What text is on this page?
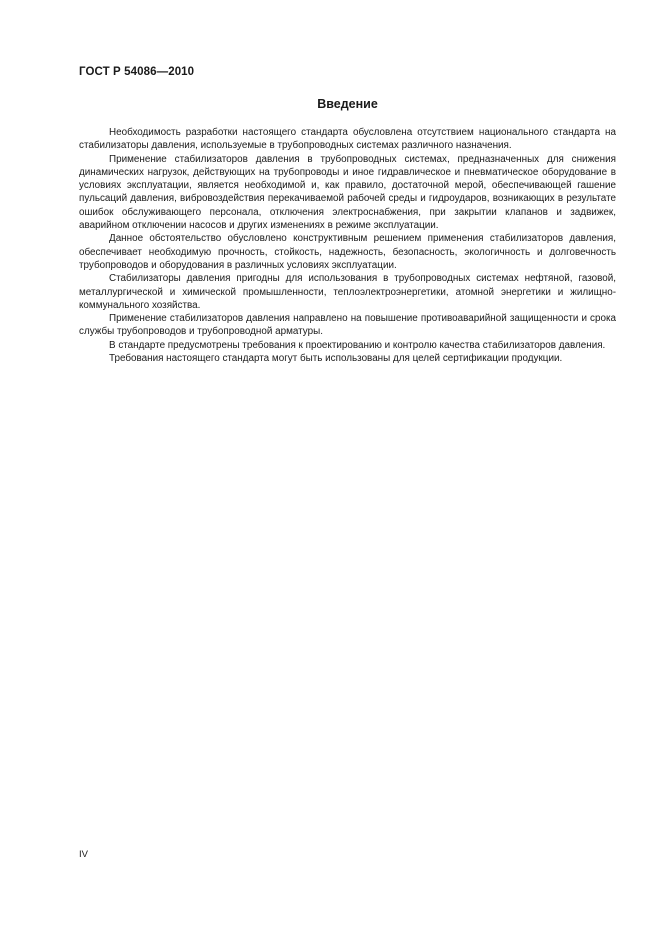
ГОСТ Р 54086—2010
Введение

Необходимость разработки настоящего стандарта обусловлена отсутствием национального стандарта на стабилизаторы давления, используемые в трубопроводных системах различного назначения.

Применение стабилизаторов давления в трубопроводных системах, предназначенных для снижения динамических нагрузок, действующих на трубопроводы и иное гидравлическое и пневматическое оборудование в условиях эксплуатации, является необходимой и, как правило, достаточной мерой, обеспечивающей гашение пульсаций давления, вибровоздействия перекачиваемой рабочей среды и гидроударов, возникающих в результате ошибок обслуживающего персонала, отключения электроснабжения, при закрытии клапанов и задвижек, аварийном отключении насосов и других изменениях в режиме эксплуатации.

Данное обстоятельство обусловлено конструктивным решением применения стабилизаторов давления, обеспечивает необходимую прочность, стойкость, надежность, безопасность, экологичность и долговечность трубопроводов и оборудования в различных условиях эксплуатации.

Стабилизаторы давления пригодны для использования в трубопроводных системах нефтяной, газовой, металлургической и химической промышленности, теплоэлектроэнергетики, атомной энергетики и жилищно-коммунального хозяйства.

Применение стабилизаторов давления направлено на повышение противоаварийной защищенности и срока службы трубопроводов и трубопроводной арматуры.

В стандарте предусмотрены требования к проектированию и контролю качества стабилизаторов давления.

Требования настоящего стандарта могут быть использованы для целей сертификации продукции.

IV
